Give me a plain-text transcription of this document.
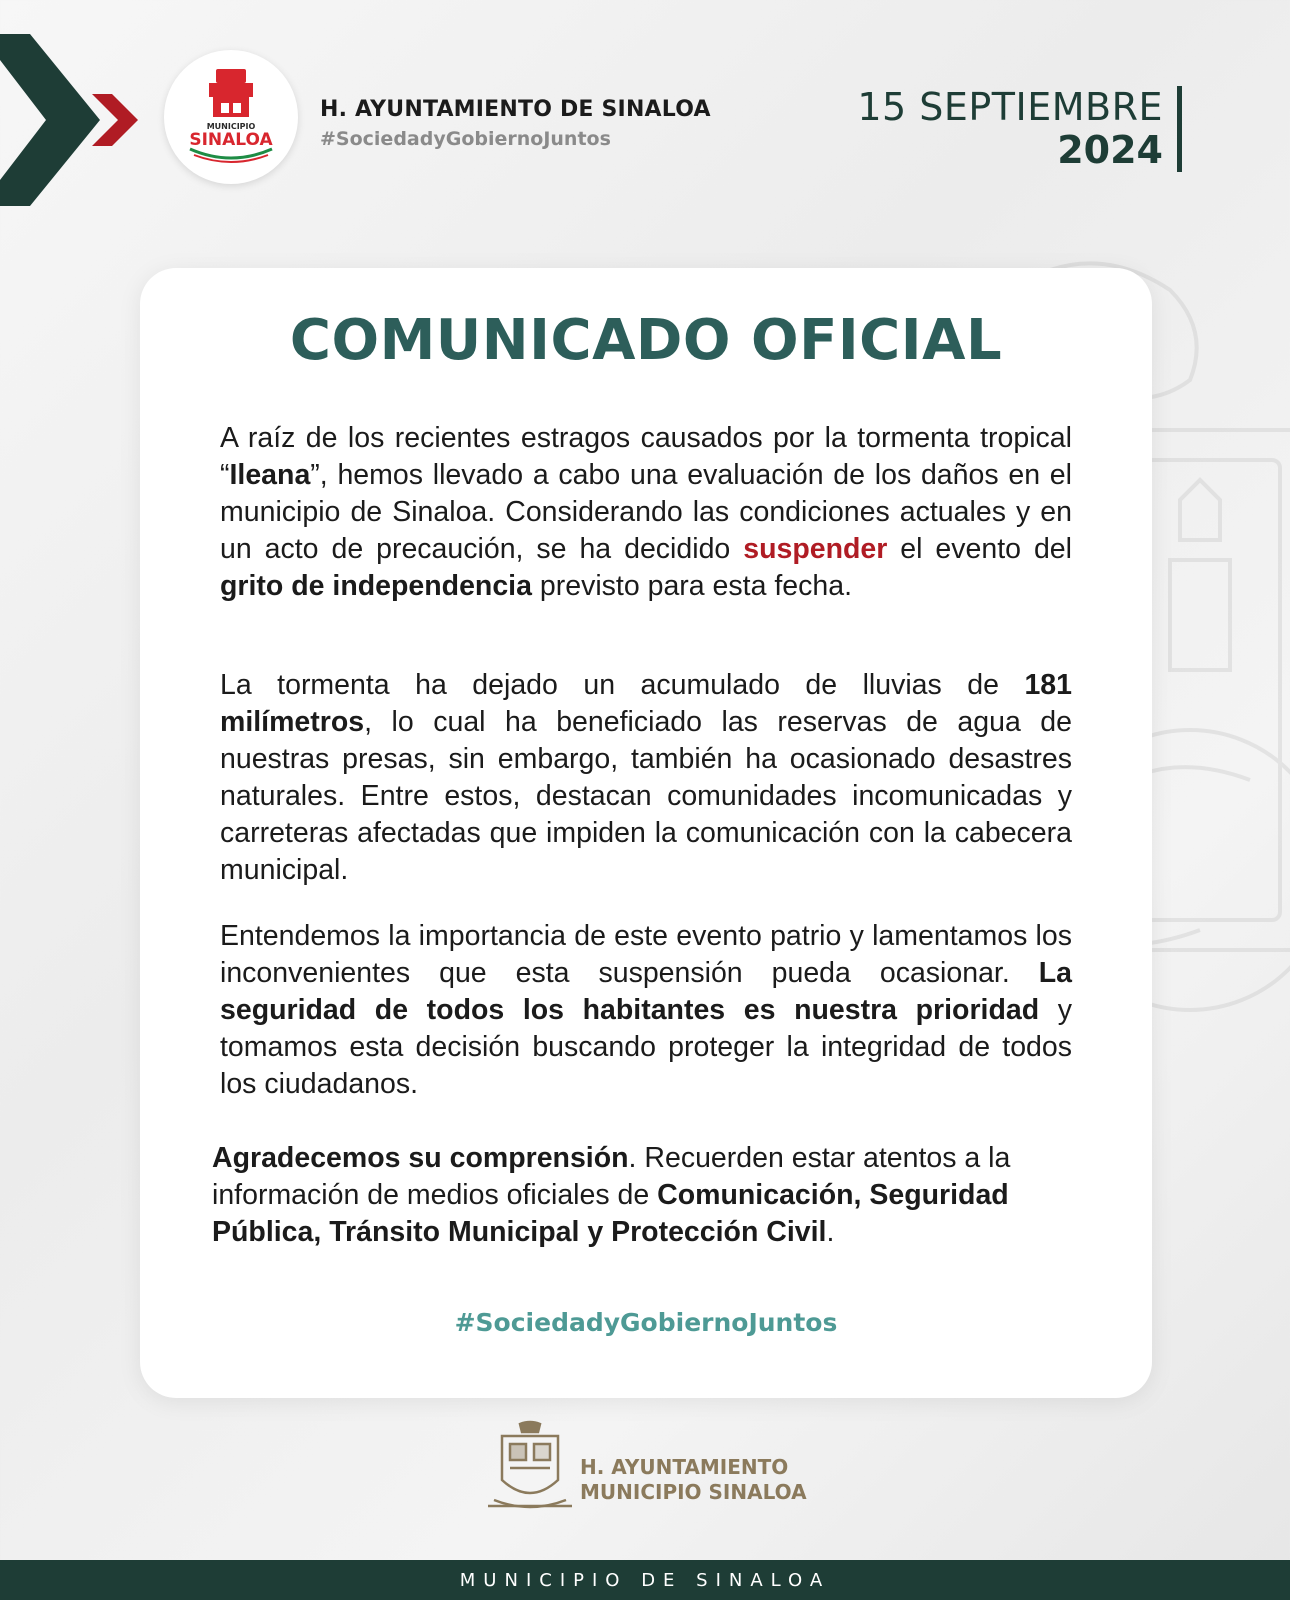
MUNICIPIO
SINALOA
H. AYUNTAMIENTO DE SINALOA
#SociedadyGobiernoJuntos
15 SEPTIEMBRE
2024
COMUNICADO OFICIAL

A raíz de los recientes estragos causados por la tormenta tropical “Ileana”, hemos llevado a cabo una evaluación de los daños en el municipio de Sinaloa. Considerando las condiciones actuales y en un acto de precaución, se ha decidido suspender el evento del grito de independencia previsto para esta fecha.

La tormenta ha dejado un acumulado de lluvias de 181 milímetros, lo cual ha beneficiado las reservas de agua de nuestras presas, sin embargo, también ha ocasionado desastres naturales. Entre estos, destacan comunidades incomunicadas y carreteras afectadas que impiden la comunicación con la cabecera municipal.

Entendemos la importancia de este evento patrio y lamentamos los inconvenientes que esta suspensión pueda ocasionar. La seguridad de todos los habitantes es nuestra prioridad y tomamos esta decisión buscando proteger la integridad de todos los ciudadanos.

Agradecemos su comprensión. Recuerden estar atentos a la información de medios oficiales de Comunicación, Seguridad Pública, Tránsito Municipal y Protección Civil.

#SociedadyGobiernoJuntos
H. AYUNTAMIENTO
MUNICIPIO SINALOA
MUNICIPIO DE SINALOA
